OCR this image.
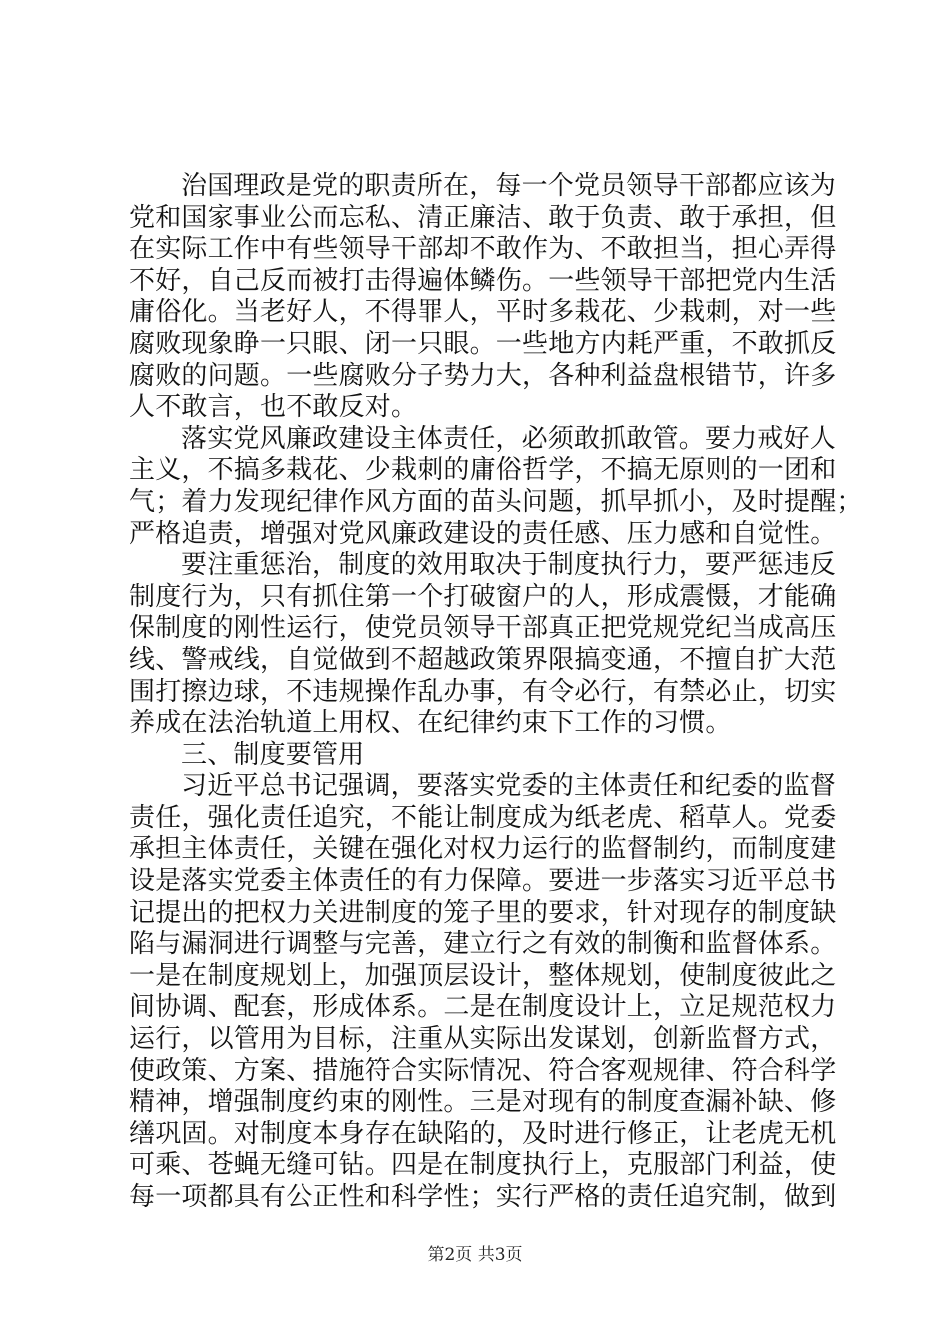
治国理政是党的职责所在，每一个党员领导干部都应该为
党和国家事业公而忘私、清正廉洁、敢于负责、敢于承担，但
在实际工作中有些领导干部却不敢作为、不敢担当，担心弄得
不好，自己反而被打击得遍体鳞伤。一些领导干部把党内生活
庸俗化。当老好人，不得罪人，平时多栽花、少栽刺，对一些
腐败现象睁一只眼、闭一只眼。一些地方内耗严重，不敢抓反
腐败的问题。一些腐败分子势力大，各种利益盘根错节，许多
人不敢言，也不敢反对。

落实党风廉政建设主体责任，必须敢抓敢管。要力戒好人
主义，不搞多栽花、少栽刺的庸俗哲学，不搞无原则的一团和
气；着力发现纪律作风方面的苗头问题，抓早抓小，及时提醒；
严格追责，增强对党风廉政建设的责任感、压力感和自觉性。

要注重惩治，制度的效用取决于制度执行力，要严惩违反
制度行为，只有抓住第一个打破窗户的人，形成震慑，才能确
保制度的刚性运行，使党员领导干部真正把党规党纪当成高压
线、警戒线，自觉做到不超越政策界限搞变通，不擅自扩大范
围打擦边球，不违规操作乱办事，有令必行，有禁必止，切实
养成在法治轨道上用权、在纪律约束下工作的习惯。

三、制度要管用

习近平总书记强调，要落实党委的主体责任和纪委的监督
责任，强化责任追究，不能让制度成为纸老虎、稻草人。党委
承担主体责任，关键在强化对权力运行的监督制约，而制度建
设是落实党委主体责任的有力保障。要进一步落实习近平总书
记提出的把权力关进制度的笼子里的要求，针对现存的制度缺
陷与漏洞进行调整与完善，建立行之有效的制衡和监督体系。
一是在制度规划上，加强顶层设计，整体规划，使制度彼此之
间协调、配套，形成体系。二是在制度设计上，立足规范权力
运行，以管用为目标，注重从实际出发谋划，创新监督方式，
使政策、方案、措施符合实际情况、符合客观规律、符合科学
精神，增强制度约束的刚性。三是对现有的制度查漏补缺、修
缮巩固。对制度本身存在缺陷的，及时进行修正，让老虎无机
可乘、苍蝇无缝可钻。四是在制度执行上，克服部门利益，使
每一项都具有公正性和科学性；实行严格的责任追究制，做到

第2页 共3页
